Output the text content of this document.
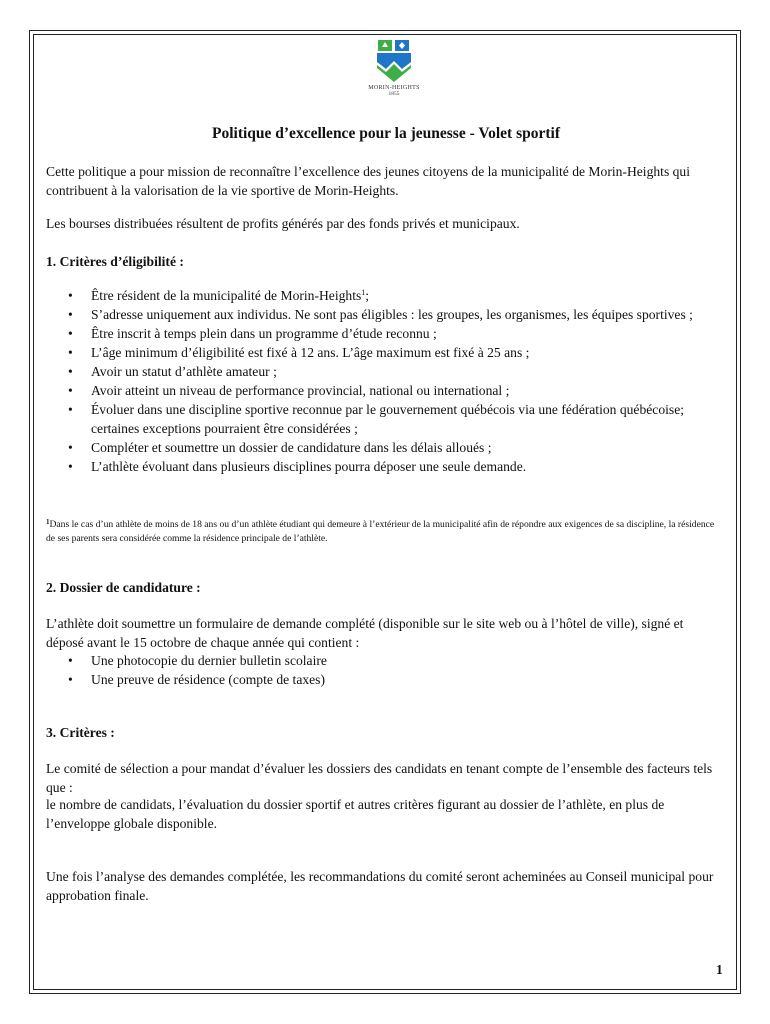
MORIN-HEIGHTS
1855
Politique d’excellence pour la jeunesse - Volet sportif

Cette politique a pour mission de reconnaître l’excellence des jeunes citoyens de la municipalité de Morin-Heights qui contribuent à la valorisation de la vie sportive de Morin-Heights.

Les bourses distribuées résultent de profits générés par des fonds privés et municipaux.

1. Critères d’éligibilité :

• Être résident de la municipalité de Morin-Heights$^1$;
• S’adresse uniquement aux individus. Ne sont pas éligibles : les groupes, les organismes, les équipes sportives ;
• Être inscrit à temps plein dans un programme d’étude reconnu ;
• L’âge minimum d’éligibilité est fixé à 12 ans. L’âge maximum est fixé à 25 ans ;
• Avoir un statut d’athlète amateur ;
• Avoir atteint un niveau de performance provincial, national ou international ;
• Évoluer dans une discipline sportive reconnue par le gouvernement québécois via une fédération québécoise; certaines exceptions pourraient être considérées ;
• Compléter et soumettre un dossier de candidature dans les délais alloués ;
• L’athlète évoluant dans plusieurs disciplines pourra déposer une seule demande.

$^1$Dans le cas d’un athlète de moins de 18 ans ou d’un athlète étudiant qui demeure à l’extérieur de la municipalité afin de répondre aux exigences de sa discipline, la résidence de ses parents sera considérée comme la résidence principale de l’athlète.

2. Dossier de candidature :

L’athlète doit soumettre un formulaire de demande complété (disponible sur le site web ou à l’hôtel de ville), signé et déposé avant le 15 octobre de chaque année qui contient :

• Une photocopie du dernier bulletin scolaire
• Une preuve de résidence (compte de taxes)

3. Critères :

Le comité de sélection a pour mandat d’évaluer les dossiers des candidats en tenant compte de l’ensemble des facteurs tels que :

le nombre de candidats, l’évaluation du dossier sportif et autres critères figurant au dossier de l’athlète, en plus de l’enveloppe globale disponible.

Une fois l’analyse des demandes complétée, les recommandations du comité seront acheminées au Conseil municipal pour approbation finale.

1
